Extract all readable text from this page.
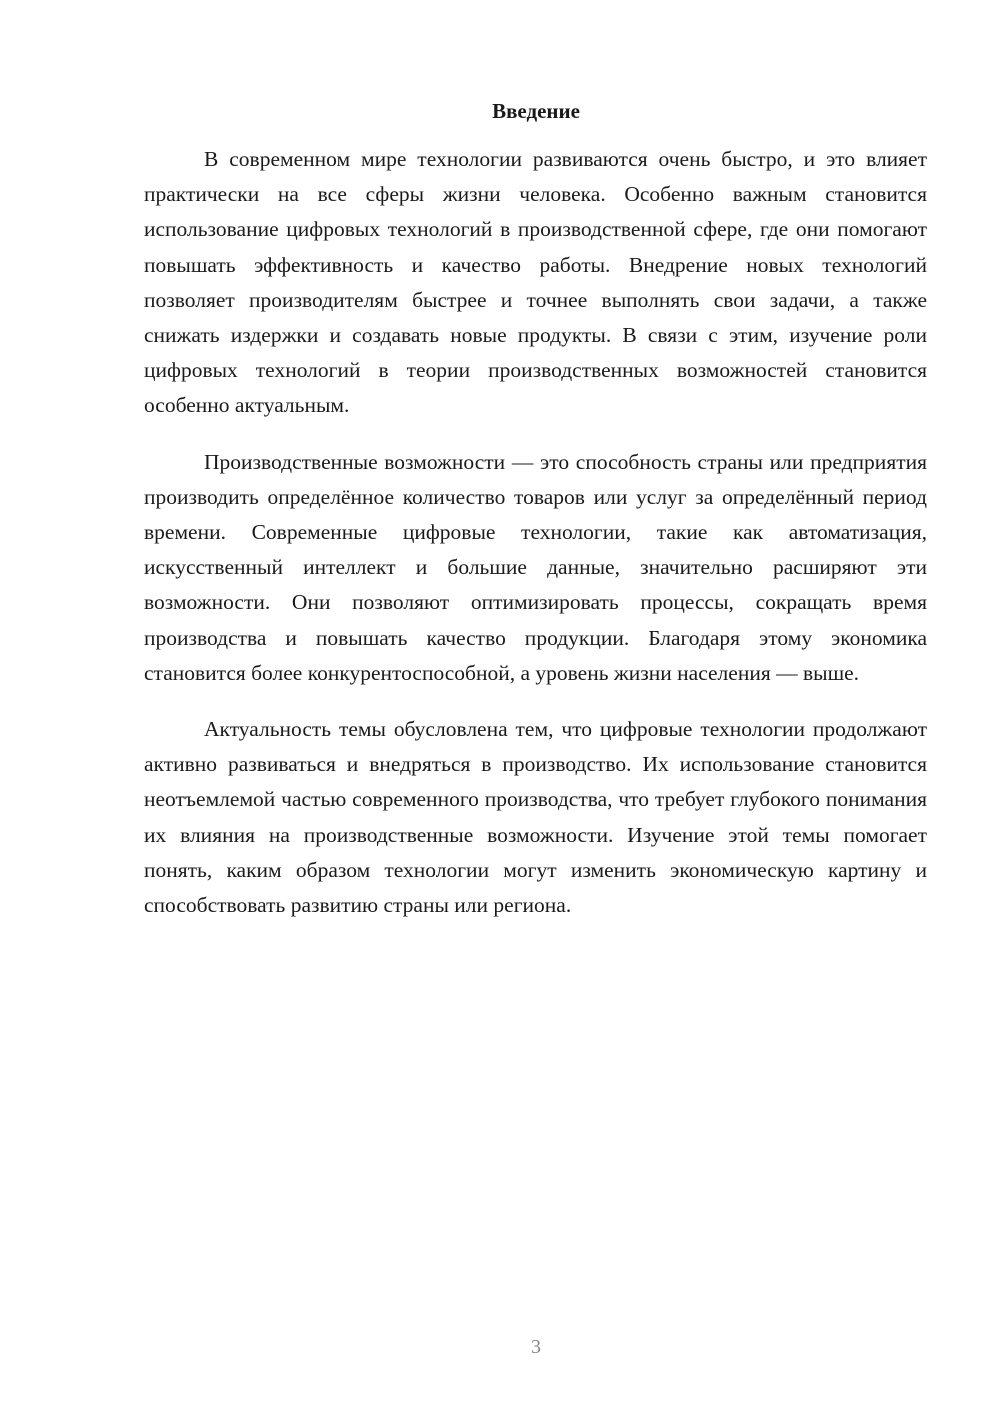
Введение

В современном мире технологии развиваются очень быстро, и это влияет практически на все сферы жизни человека. Особенно важным становится использование цифровых технологий в производственной сфере, где они помогают повышать эффективность и качество работы. Внедрение новых технологий позволяет производителям быстрее и точнее выполнять свои задачи, а также снижать издержки и создавать новые продукты. В связи с этим, изучение роли цифровых технологий в теории производственных возможностей становится особенно актуальным.

Производственные возможности — это способность страны или предприятия производить определённое количество товаров или услуг за определённый период времени. Современные цифровые технологии, такие как автоматизация, искусственный интеллект и большие данные, значительно расширяют эти возможности. Они позволяют оптимизировать процессы, сокращать время производства и повышать качество продукции. Благодаря этому экономика становится более конкурентоспособной, а уровень жизни населения — выше.

Актуальность темы обусловлена тем, что цифровые технологии продолжают активно развиваться и внедряться в производство. Их использование становится неотъемлемой частью современного производства, что требует глубокого понимания их влияния на производственные возможности. Изучение этой темы помогает понять, каким образом технологии могут изменить экономическую картину и способствовать развитию страны или региона.

3
